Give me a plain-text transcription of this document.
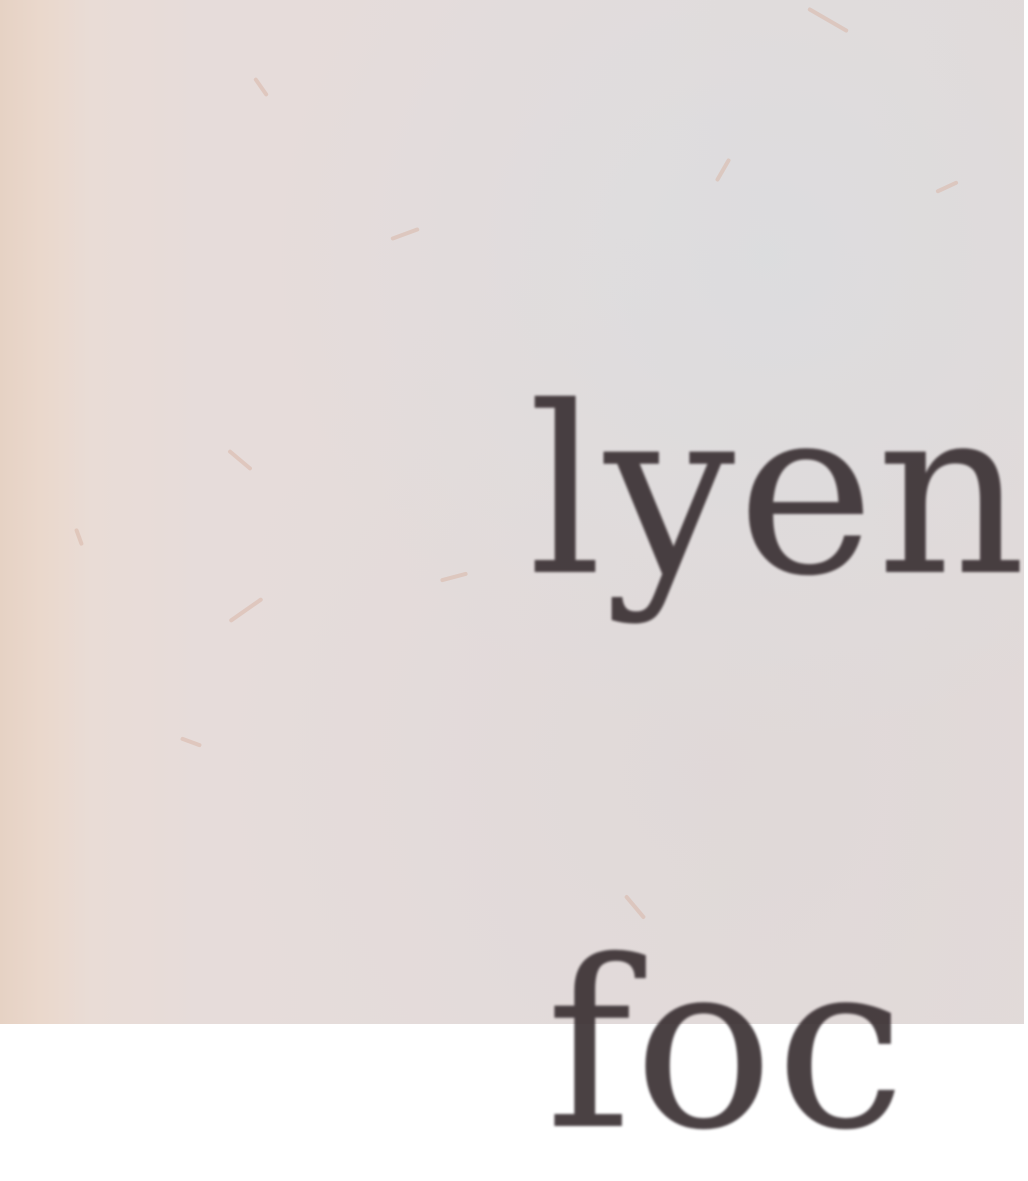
lyen
foc
